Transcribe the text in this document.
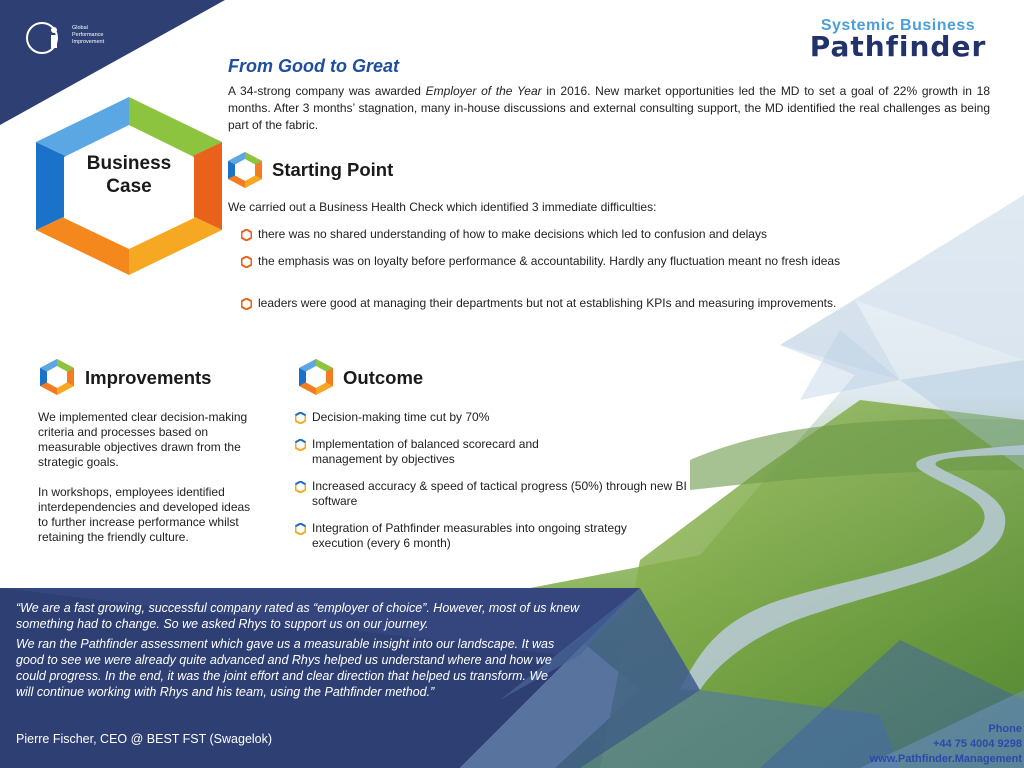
Global
Performance
Improvement
Systemic Business
Pathfinder
Business
Case
From Good to Great
A 34-strong company was awarded Employer of the Year in 2016. New market opportunities led the MD to set a goal of 22% growth in 18 months. After 3 months’ stagnation, many in-house discussions and external consulting support, the MD identified the real challenges as being part of the fabric.
Starting Point
We carried out a Business Health Check which identified 3 immediate difficulties:
there was no shared understanding of how to make decisions which led to confusion and delays
the emphasis was on loyalty before performance & accountability. Hardly any fluctuation meant no fresh ideas
leaders were good at managing their departments but not at establishing KPIs and measuring improvements.
Improvements

We implemented clear decision-making criteria and processes based on measurable objectives drawn from the strategic goals.

In workshops, employees identified interdependencies and developed ideas to further increase performance whilst retaining the friendly culture.

Outcome
Decision-making time cut by 70%
Implementation of balanced scorecard and management by objectives
Increased accuracy & speed of tactical progress (50%) through new BI software
Integration of Pathfinder measurables into ongoing strategy execution (every 6 month)

“We are a fast growing, successful company rated as “employer of choice”. However, most of us knew something had to change. So we asked Rhys to support us on our journey.

We ran the Pathfinder assessment which gave us a measurable insight into our landscape. It was good to see we were already quite advanced and Rhys helped us understand where and how we could progress. In the end, it was the joint effort and clear direction that helped us transform. We will continue working with Rhys and his team, using the Pathfinder method.”

Pierre Fischer, CEO @ BEST FST (Swagelok)
Phone
+44 75 4004 9298
www.Pathfinder.Management
